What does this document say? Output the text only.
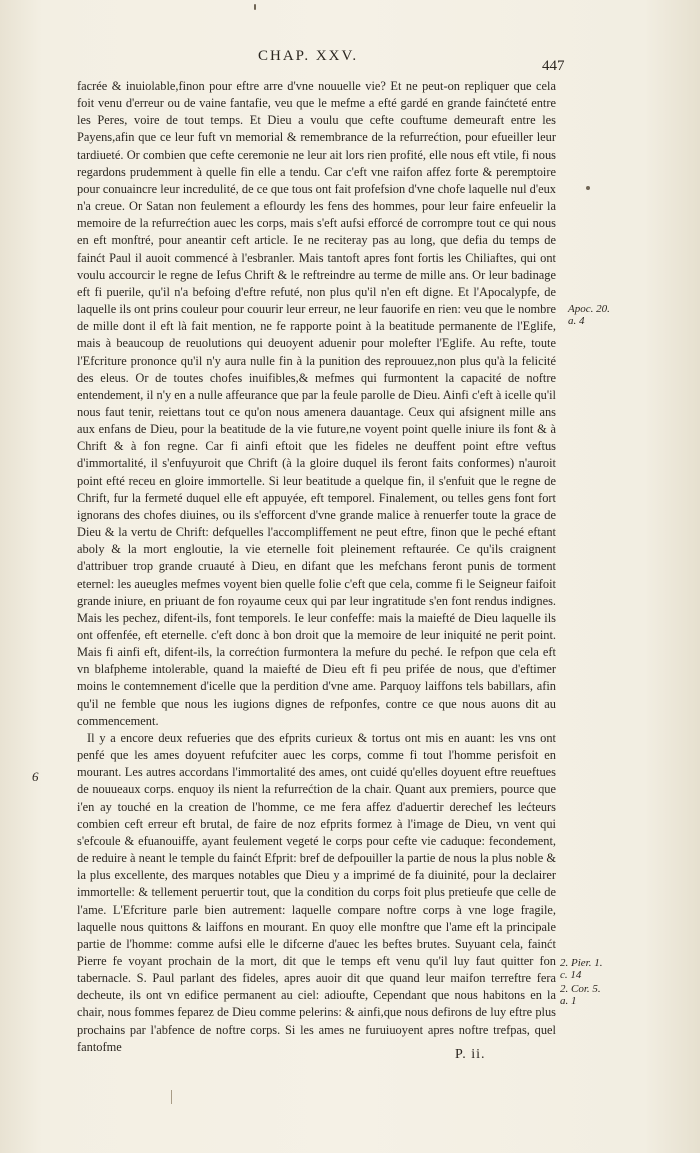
CHAP. XXV.
447

facrée & inuiolable,finon pour eftre arre d'vne nouuelle vie? Et ne peut-on repliquer que cela foit venu d'erreur ou de vaine fantafie, veu que le mefme a efté gardé en grande fainćteté entre les Peres, voire de tout temps. Et Dieu a voulu que cefte couftume demeuraft entre les Payens,afin que ce leur fuft vn memorial & remembrance de la refurrećtion, pour efueiller leur tardiueté. Or combien que cefte ceremonie ne leur ait lors rien profité, elle nous eft vtile, fi nous regardons prudemment à quelle fin elle a tendu. Car c'eft vne raifon affez forte & peremptoire pour conuaincre leur incredulité, de ce que tous ont fait profefsion d'vne chofe laquelle nul d'eux n'a creue. Or Satan non feulement a eflourdy les fens des hommes, pour leur faire enfeuelir la memoire de la refurrećtion auec les corps, mais s'eft aufsi efforcé de corrompre tout ce qui nous en eft monftré, pour aneantir ceft article. Ie ne reciteray pas au long, que defia du temps de fainćt Paul il auoit commencé à l'esbranler. Mais tantoft apres font fortis les Chiliaftes, qui ont voulu accourcir le regne de Iefus Chrift & le reftreindre au terme de mille ans. Or leur badinage eft fi puerile, qu'il n'a befoing d'eftre refuté, non plus qu'il n'en eft digne. Et l'Apocalypfe, de laquelle ils ont prins couleur pour couurir leur erreur, ne leur fauorife en rien: veu que le nombre de mille dont il eft là fait mention, ne fe rapporte point à la beatitude permanente de l'Eglife, mais à beaucoup de reuolutions qui deuoyent aduenir pour molefter l'Eglife. Au refte, toute l'Efcriture prononce qu'il n'y aura nulle fin à la punition des reprouuez,non plus qu'à la felicité des eleus. Or de toutes chofes inuifibles,& mefmes qui furmontent la capacité de noftre entendement, il n'y en a nulle affeurance que par la feule parolle de Dieu. Ainfi c'eft à icelle qu'il nous faut tenir, reiettans tout ce qu'on nous amenera dauantage. Ceux qui afsignent mille ans aux enfans de Dieu, pour la beatitude de la vie future,ne voyent point quelle iniure ils font & à Chrift & à fon regne. Car fi ainfi eftoit que les fideles ne deuffent point eftre veftus d'immortalité, il s'enfuyuroit que Chrift (à la gloire duquel ils feront faits conformes) n'auroit point efté receu en gloire immortelle. Si leur beatitude a quelque fin, il s'enfuit que le regne de Chrift, fur la fermeté duquel elle eft appuyée, eft temporel. Finalement, ou telles gens font fort ignorans des chofes diuines, ou ils s'efforcent d'vne grande malice à renuerfer toute la grace de Dieu & la vertu de Chrift: defquelles l'accompliffement ne peut eftre, finon que le peché eftant aboly & la mort engloutie, la vie eternelle foit pleinement reftaurée. Ce qu'ils craignent d'attribuer trop grande cruauté à Dieu, en difant que les mefchans feront punis de torment eternel: les aueugles mefmes voyent bien quelle folie c'eft que cela, comme fi le Seigneur faifoit grande iniure, en priuant de fon royaume ceux qui par leur ingratitude s'en font rendus indignes. Mais les pechez, difent-ils, font temporels. Ie leur confeffe: mais la maiefté de Dieu laquelle ils ont offenfée, eft eternelle. c'eft donc à bon droit que la memoire de leur iniquité ne perit point. Mais fi ainfi eft, difent-ils, la correćtion furmontera la mefure du peché. Ie refpon que cela eft vn blafpheme intolerable, quand la maiefté de Dieu eft fi peu prifée de nous, que d'eftimer moins le contemnement d'icelle que la perdition d'vne ame. Parquoy laiffons tels babillars, afin qu'il ne femble que nous les iugions dignes de refponfes, contre ce que nous auons dit au commencement.

Il y a encore deux refueries que des efprits curieux & tortus ont mis en auant: les vns ont penfé que les ames doyuent refufciter auec les corps, comme fi tout l'homme perisfoit en mourant. Les autres accordans l'immortalité des ames, ont cuidé qu'elles doyuent eftre reueftues de nouueaux corps. enquoy ils nient la refurrećtion de la chair. Quant aux premiers, pource que i'en ay touché en la creation de l'homme, ce me fera affez d'aduertir derechef les lećteurs combien ceft erreur eft brutal, de faire de noz efprits formez à l'image de Dieu, vn vent qui s'efcoule & efuanouiffe, ayant feulement vegeté le corps pour cefte vie caduque: fecondement, de reduire à neant le temple du fainćt Efprit: bref de defpouiller la partie de nous la plus noble & la plus excellente, des marques notables que Dieu y a imprimé de fa diuinité, pour la declairer immortelle: & tellement peruertir tout, que la condition du corps foit plus pretieufe que celle de l'ame. L'Efcriture parle bien autrement: laquelle compare noftre corps à vne loge fragile, laquelle nous quittons & laiffons en mourant. En quoy elle monftre que l'ame eft la principale partie de l'homme: comme aufsi elle le difcerne d'auec les beftes brutes. Suyuant cela, fainćt Pierre fe voyant prochain de la mort, dit que le temps eft venu qu'il luy faut quitter fon tabernacle. S. Paul parlant des fideles, apres auoir dit que quand leur maifon terreftre fera decheute, ils ont vn edifice permanent au ciel: adioufte, Cependant que nous habitons en la chair, nous fommes feparez de Dieu comme pelerins: & ainfi,que nous defirons de luy eftre plus prochains par l'abfence de noftre corps. Si les ames ne furuiuoyent apres noftre trefpas, quel fantofme

6
Apoc. 20. a. 4
2. Pier. 1. c. 14
2. Cor. 5. a. 1
P. ii.
